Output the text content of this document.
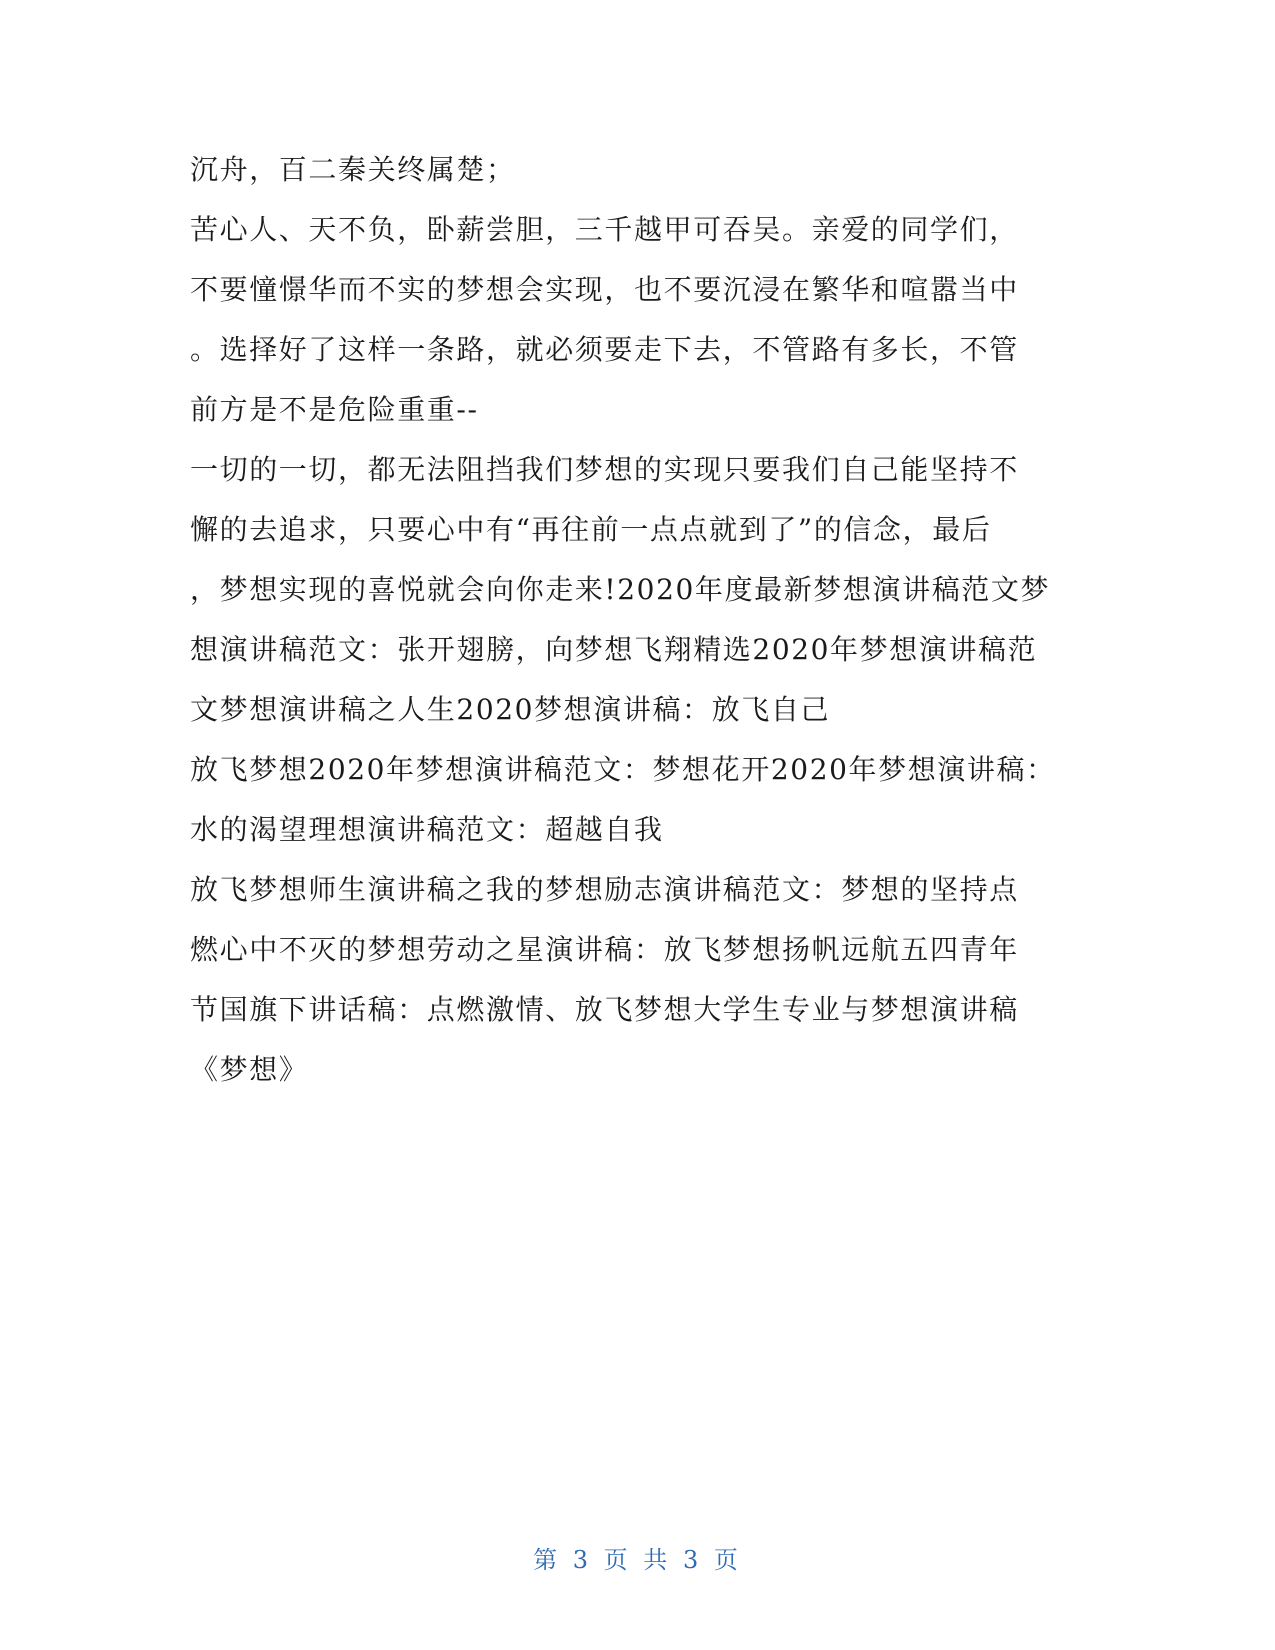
沉舟，百二秦关终属楚；
苦心人、天不负，卧薪尝胆，三千越甲可吞吴。亲爱的同学们，
不要憧憬华而不实的梦想会实现，也不要沉浸在繁华和喧嚣当中
。选择好了这样一条路，就必须要走下去，不管路有多长，不管
前方是不是危险重重--
一切的一切，都无法阻挡我们梦想的实现只要我们自己能坚持不
懈的去追求，只要心中有“再往前一点点就到了”的信念，最后
，梦想实现的喜悦就会向你走来!2020年度最新梦想演讲稿范文梦
想演讲稿范文：张开翅膀，向梦想飞翔精选2020年梦想演讲稿范
文梦想演讲稿之人生2020梦想演讲稿：放飞自己
放飞梦想2020年梦想演讲稿范文：梦想花开2020年梦想演讲稿：
水的渴望理想演讲稿范文：超越自我
放飞梦想师生演讲稿之我的梦想励志演讲稿范文：梦想的坚持点
燃心中不灭的梦想劳动之星演讲稿：放飞梦想扬帆远航五四青年
节国旗下讲话稿：点燃激情、放飞梦想大学生专业与梦想演讲稿
《梦想》
第 3 页 共 3 页
